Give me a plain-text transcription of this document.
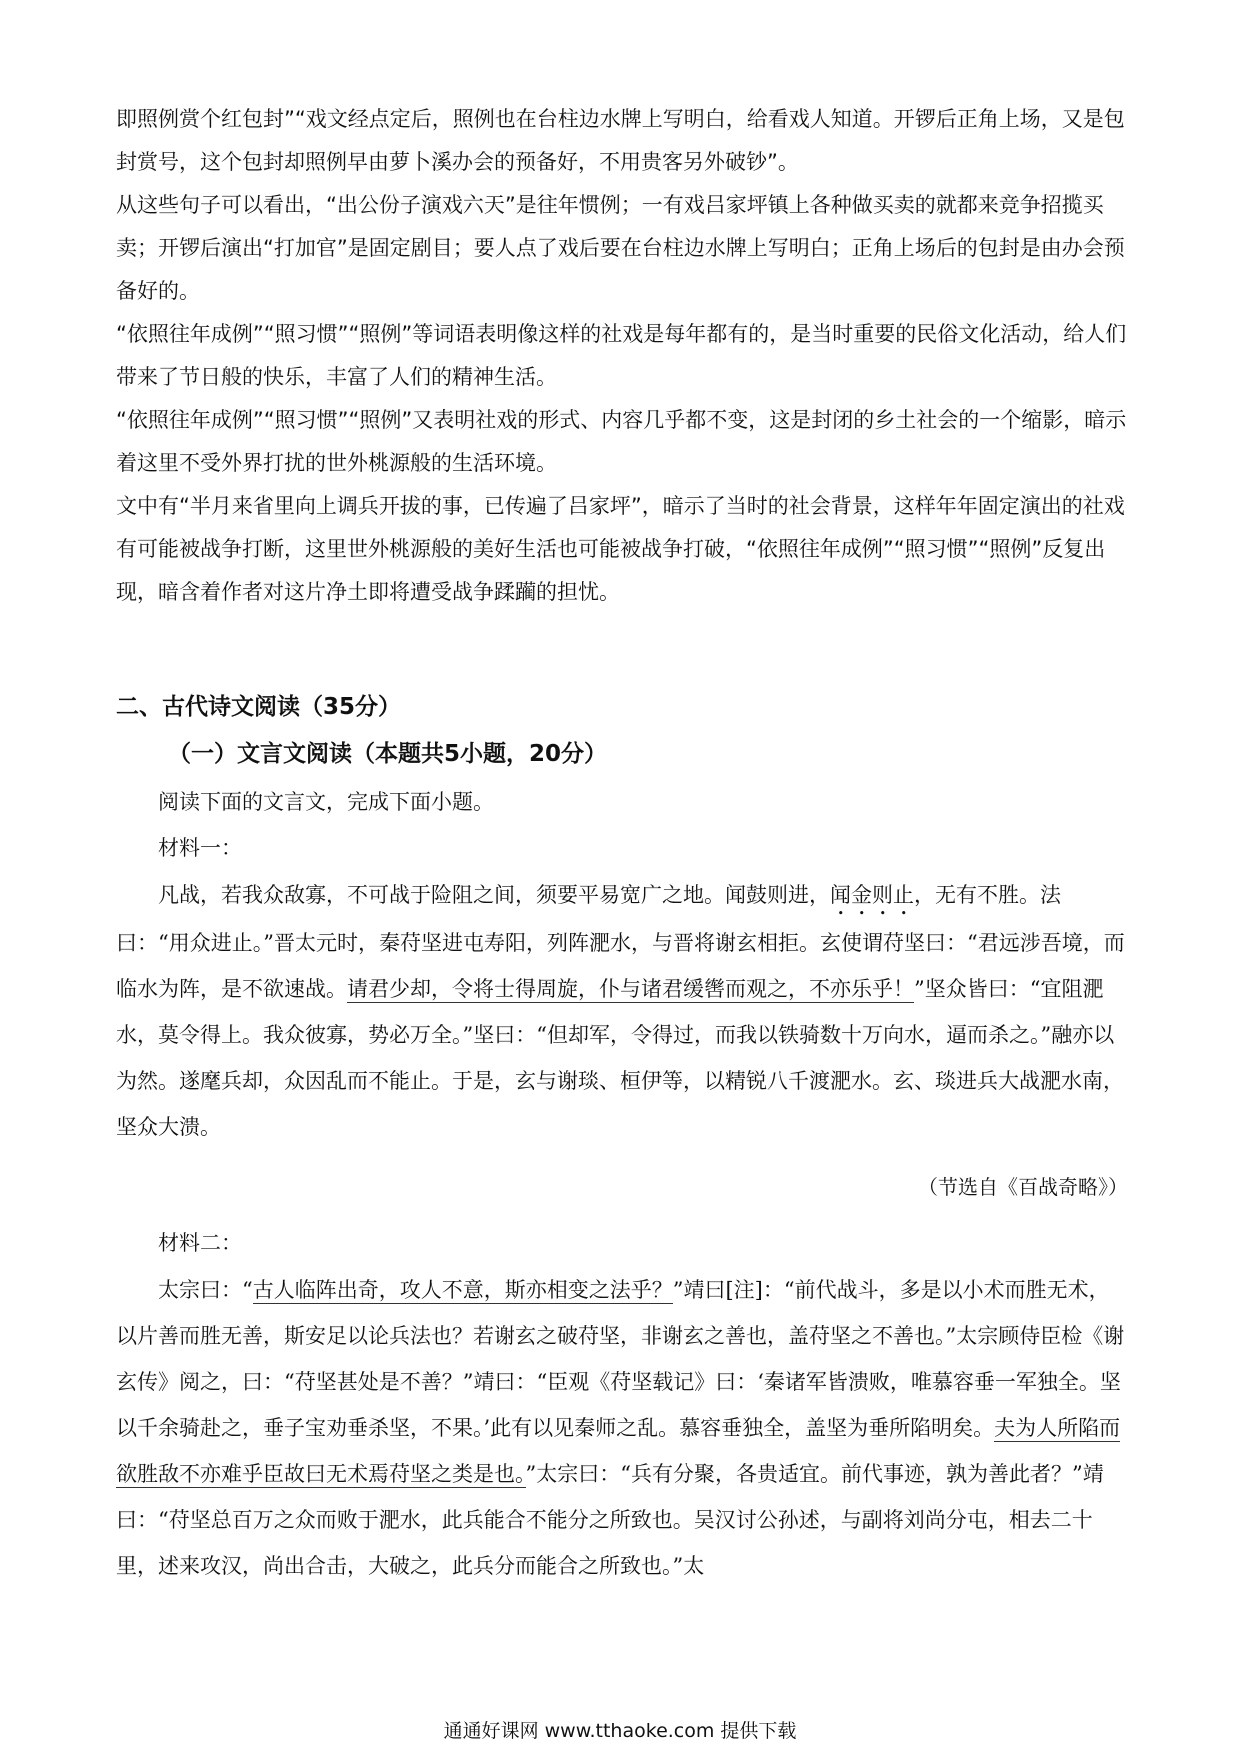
即照例赏个红包封”“戏文经点定后，照例也在台柱边水牌上写明白，给看戏人知道。开锣后正角上场，又是包封赏号，这个包封却照例早由萝卜溪办会的预备好，不用贵客另外破钞”。

从这些句子可以看出，“出公份子演戏六天”是往年惯例；一有戏吕家坪镇上各种做买卖的就都来竞争招揽买卖；开锣后演出“打加官”是固定剧目；要人点了戏后要在台柱边水牌上写明白；正角上场后的包封是由办会预备好的。

“依照往年成例”“照习惯”“照例”等词语表明像这样的社戏是每年都有的，是当时重要的民俗文化活动，给人们 带来了节日般的快乐，丰富了人们的精神生活。

“依照往年成例”“照习惯”“照例”又表明社戏的形式、内容几乎都不变，这是封闭的乡土社会的一个缩影，暗示着这里不受外界打扰的世外桃源般的生活环境。

文中有“半月来省里向上调兵开拔的事，已传遍了吕家坪”，暗示了当时的社会背景，这样年年固定演出的社戏有可能被战争打断，这里世外桃源般的美好生活也可能被战争打破，“依照往年成例”“照习惯”“照例”反复出现，暗含着作者对这片净土即将遭受战争蹂躏的担忧。

二、古代诗文阅读（35分）
（一）文言文阅读（本题共5小题，20分）
阅读下面的文言文，完成下面小题。
材料一：

凡战，若我众敌寡，不可战于险阻之间，须要平易宽广之地。闻鼓则进，闻金则止，无有不胜。法曰：“用众进止。”晋太元时，秦苻坚进屯寿阳，列阵淝水，与晋将谢玄相拒。玄使谓苻坚曰：“君远涉吾境，而临水为阵，是不欲速战。请君少却，令将士得周旋，仆与诸君缓辔而观之，不亦乐乎！”坚众皆曰：“宜阻淝水，莫令得上。我众彼寡，势必万全。”坚曰：“但却军，令得过，而我以铁骑数十万向水，逼而杀之。”融亦以为然。遂麾兵却，众因乱而不能止。于是，玄与谢琰、桓伊等，以精锐八千渡淝水。玄、琰进兵大战淝水南，坚众大溃。

（节选自《百战奇略》）
材料二：

太宗曰：“古人临阵出奇，攻人不意，斯亦相变之法乎？”靖曰[注]：“前代战斗，多是以小术而胜无术，以片善而胜无善，斯安足以论兵法也？若谢玄之破苻坚，非谢玄之善也，盖苻坚之不善也。”太宗顾侍臣检《谢玄传》阅之，曰：“苻坚甚处是不善？”靖曰：“臣观《苻坚载记》曰：‘秦诸军皆溃败，唯慕容垂一军独全。坚以千余骑赴之，垂子宝劝垂杀坚，不果。’此有以见秦师之乱。慕容垂独全，盖坚为垂所陷明矣。夫为人所陷而欲胜敌不亦难乎臣故曰无术焉苻坚之类是也。”太宗曰：“兵有分聚，各贵适宜。前代事迹，孰为善此者？”靖曰：“苻坚总百万之众而败于淝水，此兵能合不能分之所致也。吴汉讨公孙述，与副将刘尚分屯，相去二十里，述来攻汉，尚出合击，大破之，此兵分而能合之所致也。”太

通通好课网 www.tthaoke.com 提供下载
